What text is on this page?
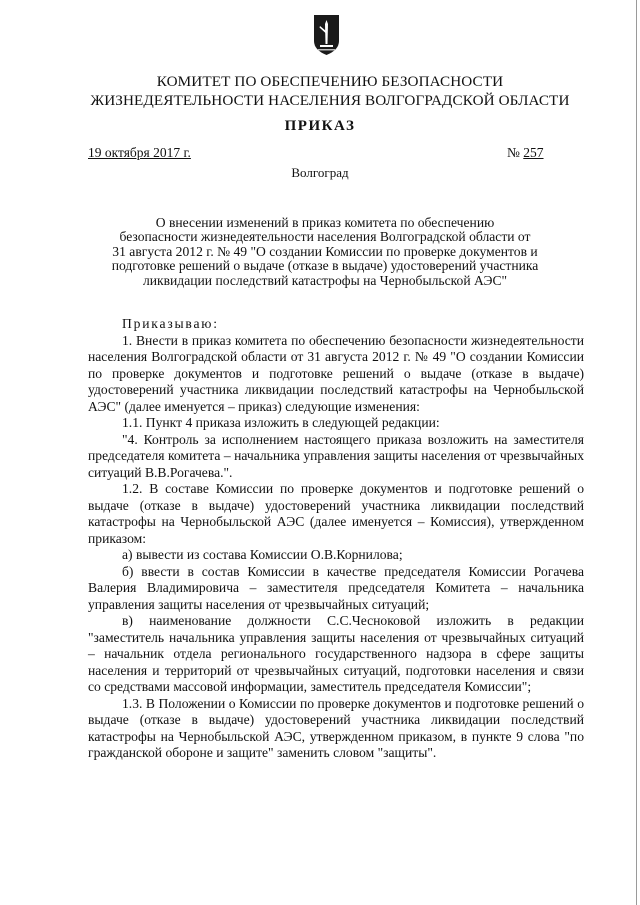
КОМИТЕТ ПО ОБЕСПЕЧЕНИЮ БЕЗОПАСНОСТИ
ЖИЗНЕДЕЯТЕЛЬНОСТИ НАСЕЛЕНИЯ ВОЛГОГРАДСКОЙ ОБЛАСТИ
ПРИКАЗ
19 октября 2017 г.	№ 257
Волгоград
О внесении изменений в приказ комитета по обеспечению
безопасности жизнедеятельности населения Волгоградской области от
31 августа 2012 г. № 49 "О создании Комиссии по проверке документов и
подготовке решений о выдаче (отказе в выдаче) удостоверений участника
ликвидации последствий катастрофы на Чернобыльской АЭС"

Приказываю:

1. Внести в приказ комитета по обеспечению безопасности жизнедеятельности населения Волгоградской области от 31 августа 2012 г. № 49 "О создании Комиссии по проверке документов и подготовке решений о выдаче (отказе в выдаче) удостоверений участника ликвидации последствий катастрофы на Чернобыльской АЭС" (далее именуется – приказ) следующие изменения:

1.1. Пункт 4 приказа изложить в следующей редакции:

"4. Контроль за исполнением настоящего приказа возложить на заместителя председателя комитета – начальника управления защиты населения от чрезвычайных ситуаций В.В.Рогачева.".

1.2. В составе Комиссии по проверке документов и подготовке решений о выдаче (отказе в выдаче) удостоверений участника ликвидации последствий катастрофы на Чернобыльской АЭС (далее именуется – Комиссия), утвержденном приказом:

а) вывести из состава Комиссии О.В.Корнилова;

б) ввести в состав Комиссии в качестве председателя Комиссии Рогачева Валерия Владимировича – заместителя председателя Комитета – начальника управления защиты населения от чрезвычайных ситуаций;

в) наименование должности С.С.Чесноковой изложить в редакции "заместитель начальника управления защиты населения от чрезвычайных ситуаций – начальник отдела регионального государственного надзора в сфере защиты населения и территорий от чрезвычайных ситуаций, подготовки населения и связи со средствами массовой информации, заместитель председателя Комиссии";

1.3. В Положении о Комиссии по проверке документов и подготовке решений о выдаче (отказе в выдаче) удостоверений участника ликвидации последствий катастрофы на Чернобыльской АЭС, утвержденном приказом, в пункте 9 слова "по гражданской обороне и защите" заменить словом "защиты".
